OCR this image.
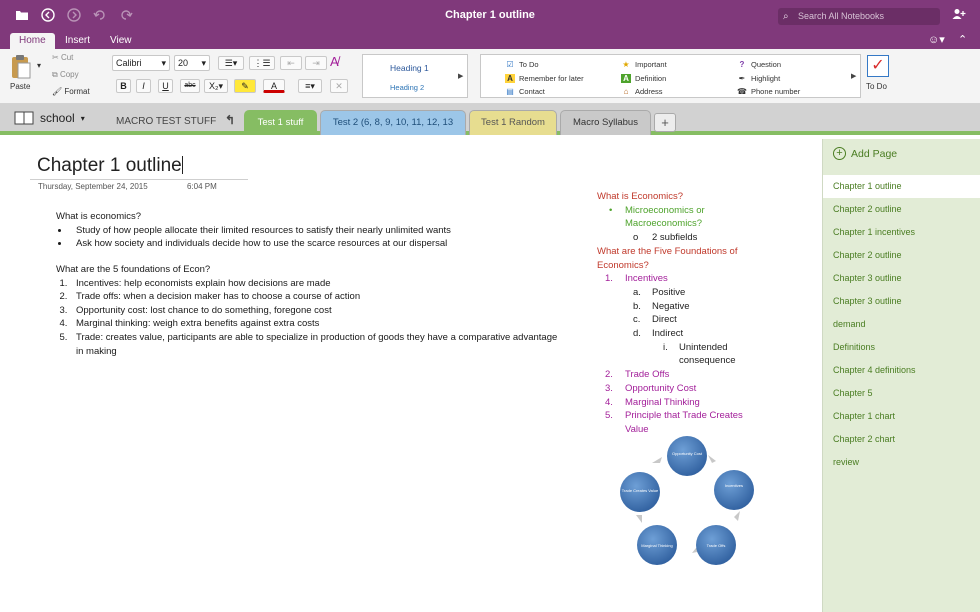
Chapter 1 outline	⌕ Search All Notebooks
Home	Insert	View	☺▾ ⌃
Paste
▾
✂ Cut
⧉ Copy
🖌 Format
Calibri ▾	20 ▾	☰▾	⋮☰	⇤	⇥ A̸
B	I	U	abc	X₂▾	✎	A	≡▾	✕
Heading 1
Heading 2
▶
☑ To Do
A Remember for later
▤ Contact
★ Important
A Definition
⌂ Address
? Question
✒ Highlight
☎ Phone number
▶
✓
To Do
school ▾	MACRO TEST STUFF ↰	Test 1 stuff	Test 2 (6, 8, 9, 10, 11, 12, 13	Test 1 Random	Macro Syllabus	+
Chapter 1 outline
Thursday, September 24, 2015	6:04 PM
What is economics?
• Study of how people allocate their limited resources to satisfy their nearly unlimited wants
• Ask how society and individuals decide how to use the scarce resources at our dispersal
What are the 5 foundations of Econ?
1. Incentives: help economists explain how decisions are made
2. Trade offs: when a decision maker has to choose a course of action
3. Opportunity cost: lost chance to do something, foregone cost
4. Marginal thinking: weigh extra benefits against extra costs
5. Trade: creates value, participants are able to specialize in production of goods they have a comparative advantage in making
What is Economics?
• Microeconomics or Macroeconomics?
o 2 subfields
What are the Five Foundations of Economics?
1. Incentives
a. Positive
b. Negative
c. Direct
d. Indirect
i. Unintended consequence
2. Trade Offs
3. Opportunity Cost
4. Marginal Thinking
5. Principle that Trade Creates Value
Opportunity Cost
Incentives
Trade Offs
Marginal Thinking
Trade Creates Value
+ Add Page
Chapter 1 outline
Chapter 2 outline
Chapter 1 incentives
Chapter 2 outline
Chapter 3 outline
Chapter 3 outline
demand
Definitions
Chapter 4 definitions
Chapter 5
Chapter 1 chart
Chapter 2 chart
review
